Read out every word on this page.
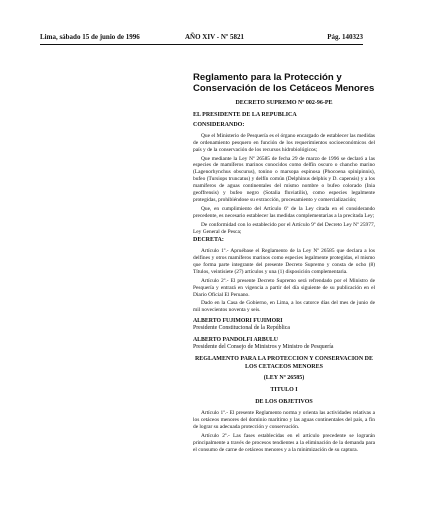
Lima, sábado 15 de junio de 1996	AÑO XIV - Nº 5821	Pág. 140323
Reglamento para la Protección y Conservación de los Cetáceos Menores
DECRETO SUPREMO Nº 002-96-PE
EL PRESIDENTE DE LA REPUBLICA
CONSIDERANDO:

Que el Ministerio de Pesquería es el órgano encargado de establecer las medidas de ordenamiento pesquero en función de los requerimientos socioeconómicos del país y de la conservación de los recursos hidrobiológicos;

Que mediante la Ley Nº 26585 de fecha 29 de marzo de 1996 se declaró a las especies de mamíferos marinos conocidos como delfín oscuro o chancho marino (Lagenorhynchus obscurus), tonino o marsopa espinosa (Phocoena spinipinnis), bufeo (Tursiops truncatus) y delfín común (Delphinus delphis y D. capensis) y a los mamíferos de aguas continentales del mismo nombre o bufeo colorado (Inia geoffrensis) y bufeo negro (Sotalia fluviatilis), como especies legalmente protegidas, prohibiéndose su extracción, procesamiento y comercialización;

Que, en cumplimiento del Artículo 6º de la Ley citada en el considerando precedente, es necesario establecer las medidas complementarias a la precitada Ley;

De conformidad con lo establecido por el Artículo 9º del Decreto Ley Nº 25977, Ley General de Pesca;

DECRETA:

Artículo 1º.- Apruébase el Reglamento de la Ley Nº 26585 que declara a los delfines y otros mamíferos marinos como especies legalmente protegidas, el mismo que forma parte integrante del presente Decreto Supremo y consta de ocho (8) Títulos, veintisiete (27) artículos y una (1) disposición complementaria.

Artículo 2º.- El presente Decreto Supremo será refrendado por el Ministro de Pesquería y entrará en vigencia a partir del día siguiente de su publicación en el Diario Oficial El Peruano.

Dado en la Casa de Gobierno, en Lima, a los catorce días del mes de junio de mil novecientos noventa y seis.

ALBERTO FUJIMORI FUJIMORI
Presidente Constitucional de la República
ALBERTO PANDOLFI ARBULU
Presidente del Consejo de Ministros y Ministro de Pesquería
REGLAMENTO PARA LA PROTECCION Y CONSERVACION DE LOS CETACEOS MENORES
(LEY Nº 26585)
TITULO I
DE LOS OBJETIVOS

Artículo 1º.- El presente Reglamento norma y orienta las actividades relativas a los cetáceos menores del dominio marítimo y las aguas continentales del país, a fin de lograr su adecuada protección y conservación.

Artículo 2º.- Las fases establecidas en el artículo precedente se lograrán principalmente a través de procesos tendientes a la eliminación de la demanda para el consumo de carne de cetáceos menores y a la minimización de su captura.
